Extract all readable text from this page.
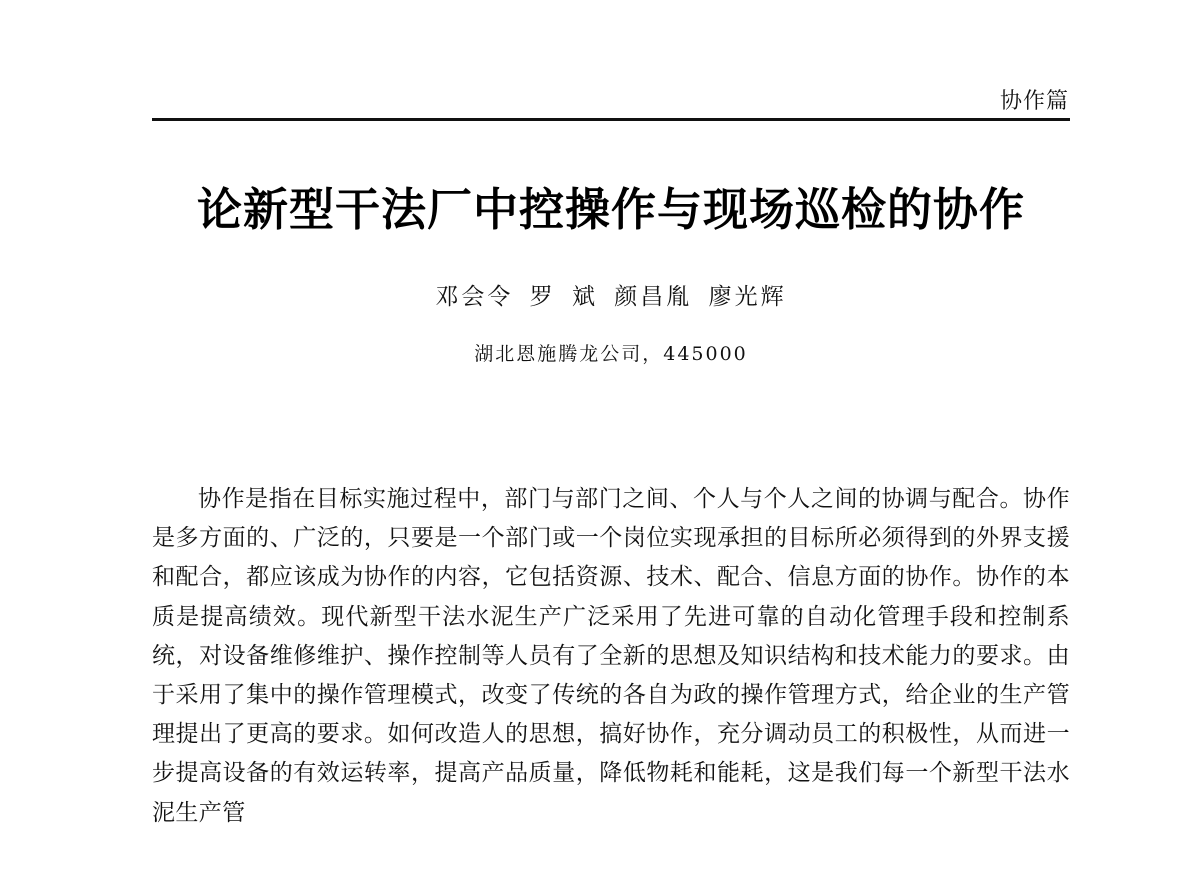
协作篇
论新型干法厂中控操作与现场巡检的协作
邓会令 罗 斌 颜昌胤 廖光辉
湖北恩施腾龙公司，445000

协作是指在目标实施过程中，部门与部门之间、个人与个人之间的协调与配合。协作是多方面的、广泛的，只要是一个部门或一个岗位实现承担的目标所必须得到的外界支援和配合，都应该成为协作的内容，它包括资源、技术、配合、信息方面的协作。协作的本质是提高绩效。现代新型干法水泥生产广泛采用了先进可靠的自动化管理手段和控制系统，对设备维修维护、操作控制等人员有了全新的思想及知识结构和技术能力的要求。由于采用了集中的操作管理模式，改变了传统的各自为政的操作管理方式，给企业的生产管理提出了更高的要求。如何改造人的思想，搞好协作，充分调动员工的积极性，从而进一步提高设备的有效运转率，提高产品质量，降低物耗和能耗，这是我们每一个新型干法水泥生产管
